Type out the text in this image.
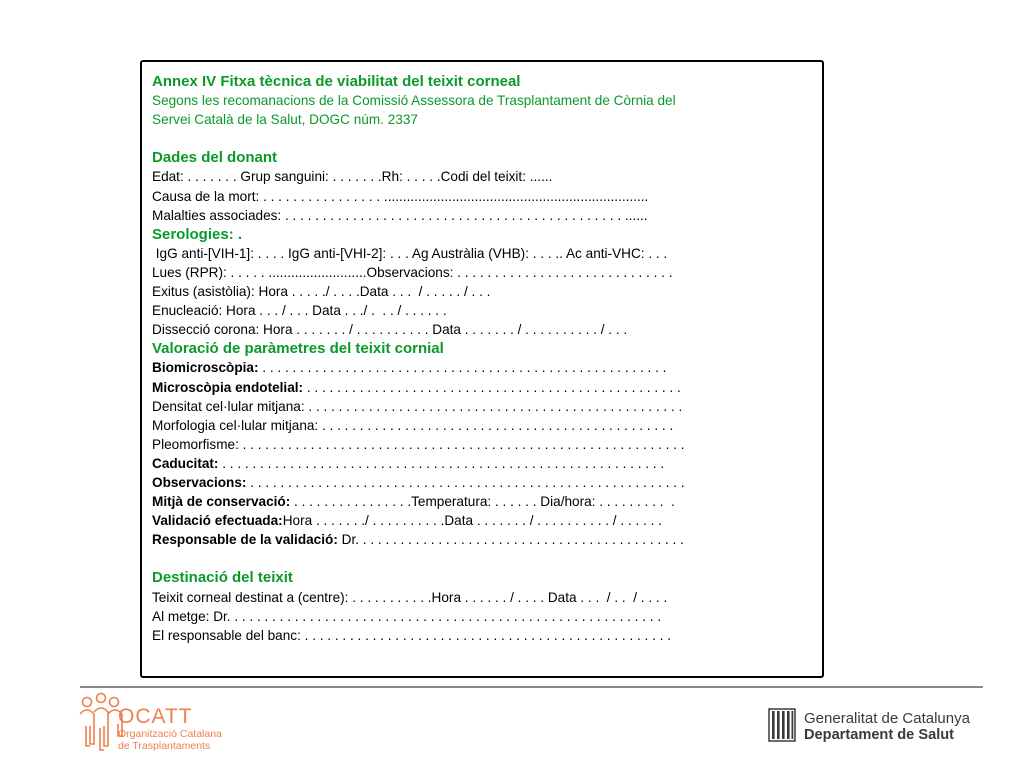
Annex IV Fitxa tècnica de viabilitat del teixit corneal
Segons les recomanacions de la Comissió Assessora de Trasplantament de Còrnia del
Servei Català de la Salut, DOGC núm. 2337
Dades del donant
Edat: . . . . . . . Grup sanguini: . . . . . . .Rh: . . . . .Codi del teixit: ......
Causa de la mort: . . . . . . . . . . . . . . . . ......................................................................
Malalties associades: . . . . . . . . . . . . . . . . . . . . . . . . . . . . . . . . . . . . . . . . . . . . . ......
Serologies: .
IgG anti-[VIH-1]: . . . . IgG anti-[VHI-2]: . . . Ag Austràlia (VHB): . . . .. Ac anti-VHC: . . .
Lues (RPR): . . . . . ..........................Observacions: . . . . . . . . . . . . . . . . . . . . . . . . . . . . .
Exitus (asistòlia): Hora . . . . ./ . . . .Data . . .  / . . . . . / . . .
Enucleació: Hora . . . / . . . Data . . ./ .  . . / . . . . . .
Dissecció corona: Hora . . . . . . . / . . . . . . . . . . Data . . . . . . . / . . . . . . . . . . / . . .
Valoració de paràmetres del teixit cornial
Biomicroscòpia: . . . . . . . . . . . . . . . . . . . . . . . . . . . . . . . . . . . . . . . . . . . . . . . . . . . . . .
Microscòpia endotelial: . . . . . . . . . . . . . . . . . . . . . . . . . . . . . . . . . . . . . . . . . . . . . . . . . .
Densitat cel·lular mitjana: . . . . . . . . . . . . . . . . . . . . . . . . . . . . . . . . . . . . . . . . . . . . . . . . . .
Morfologia cel·lular mitjana: . . . . . . . . . . . . . . . . . . . . . . . . . . . . . . . . . . . . . . . . . . . . . . .
Pleomorfisme: . . . . . . . . . . . . . . . . . . . . . . . . . . . . . . . . . . . . . . . . . . . . . . . . . . . . . . . . . . .
Caducitat: . . . . . . . . . . . . . . . . . . . . . . . . . . . . . . . . . . . . . . . . . . . . . . . . . . . . . . . . . . .
Observacions: . . . . . . . . . . . . . . . . . . . . . . . . . . . . . . . . . . . . . . . . . . . . . . . . . . . . . . . . . .
Mitjà de conservació: . . . . . . . . . . . . . . . .Temperatura: . . . . . . Dia/hora: . . . . . . . . .  .
Validació efectuada:Hora . . . . . . ./ . . . . . . . . . .Data . . . . . . . / . . . . . . . . . . / . . . . . .
Responsable de la validació: Dr. . . . . . . . . . . . . . . . . . . . . . . . . . . . . . . . . . . . . . . . . . . .
Destinació del teixit
Teixit corneal destinat a (centre): . . . . . . . . . . .Hora . . . . . . / . . . . Data . . .  / . .  / . . . .
Al metge: Dr. . . . . . . . . . . . . . . . . . . . . . . . . . . . . . . . . . . . . . . . . . . . . . . . . . . . . . . . . .
El responsable del banc: . . . . . . . . . . . . . . . . . . . . . . . . . . . . . . . . . . . . . . . . . . . . . . . . .
OCATT
Organització Catalana
de Trasplantaments
Generalitat de Catalunya
Departament de Salut
